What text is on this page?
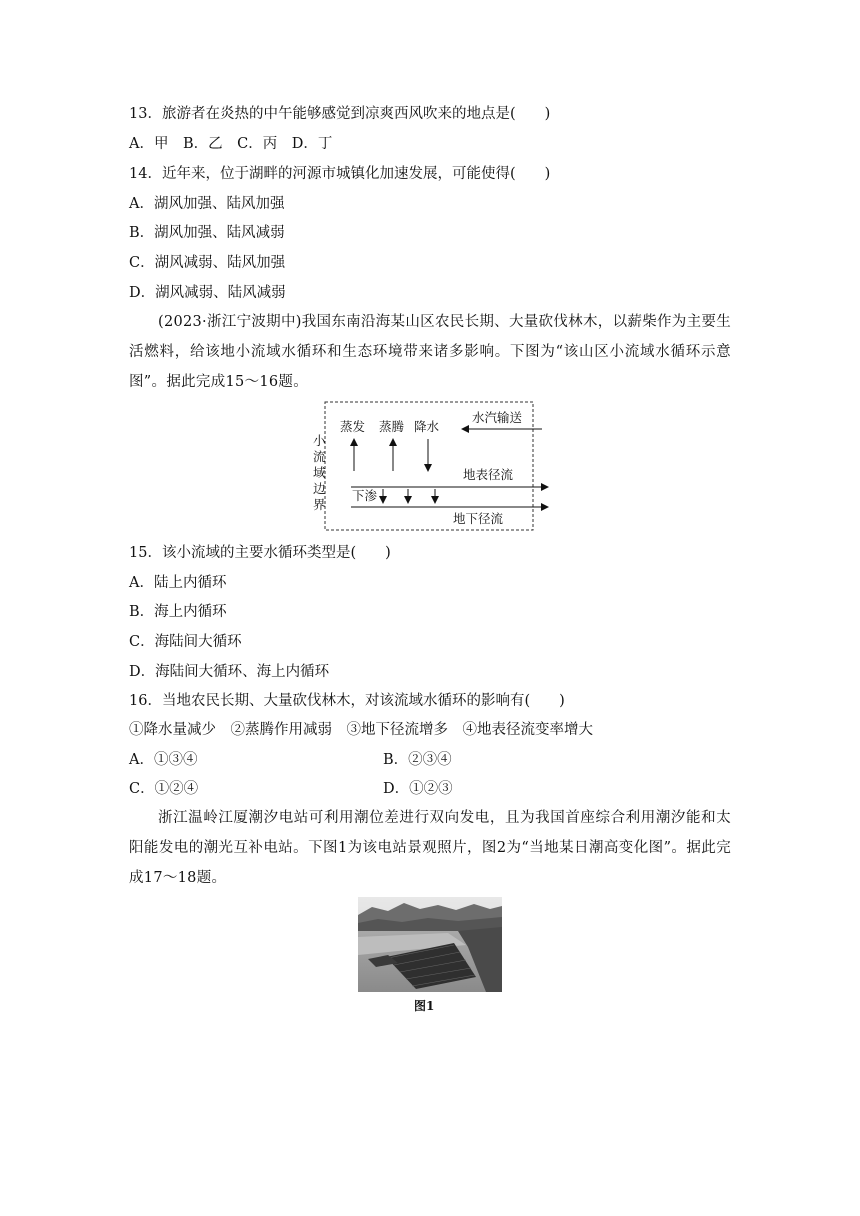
13．旅游者在炎热的中午能够感觉到凉爽西风吹来的地点是(　　)
A．甲　B．乙　C．丙　D．丁
14．近年来，位于湖畔的河源市城镇化加速发展，可能使得(　　)
A．湖风加强、陆风加强
B．湖风加强、陆风减弱
C．湖风减弱、陆风加强
D．湖风减弱、陆风减弱
(2023·浙江宁波期中)我国东南沿海某山区农民长期、大量砍伐林木，以薪柴作为主要生活燃料，给该地小流域水循环和生态环境带来诸多影响。下图为“该山区小流域水循环示意图”。据此完成15～16题。
小
流
域
边
界
蒸发 蒸腾 降水
水汽输送
地表径流
下渗
地下径流
15．该小流域的主要水循环类型是(　　)
A．陆上内循环
B．海上内循环
C．海陆间大循环
D．海陆间大循环、海上内循环
16．当地农民长期、大量砍伐林木，对该流域水循环的影响有(　　)
①降水量减少　②蒸腾作用减弱　③地下径流增多　④地表径流变率增大
A．①③④	B．②③④
C．①②④	D．①②③
浙江温岭江厦潮汐电站可利用潮位差进行双向发电，且为我国首座综合利用潮汐能和太阳能发电的潮光互补电站。下图1为该电站景观照片，图2为“当地某日潮高变化图”。据此完成17～18题。
图1
